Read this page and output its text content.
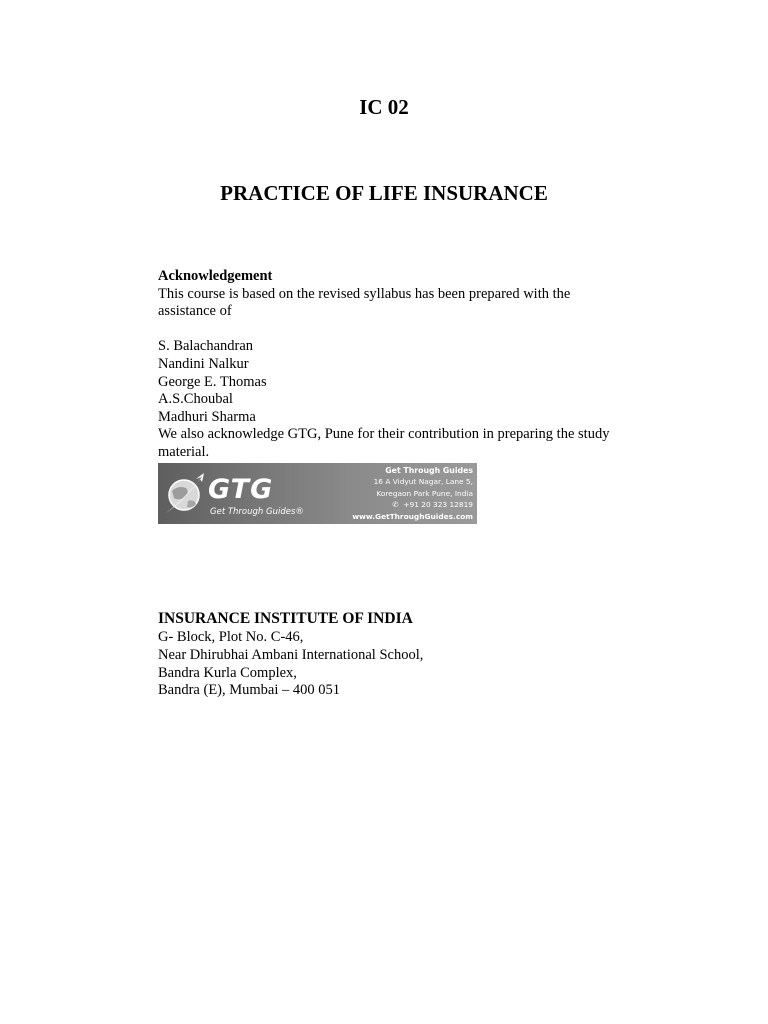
IC 02
PRACTICE OF LIFE INSURANCE
Acknowledgement
This course is based on the revised syllabus has been prepared with the
assistance of
S. Balachandran
Nandini Nalkur
George E. Thomas
A.S.Choubal
Madhuri Sharma
We also acknowledge GTG, Pune for their contribution in preparing the study
material.
GTG
Get Through Guides®
Get Through Guides
16 A Vidyut Nagar, Lane 5,
Koregaon Park Pune, India
✆ +91 20 323 12819
www.GetThroughGuides.com
INSURANCE INSTITUTE OF INDIA
G- Block, Plot No. C-46,
Near Dhirubhai Ambani International School,
Bandra Kurla Complex,
Bandra (E), Mumbai – 400 051
